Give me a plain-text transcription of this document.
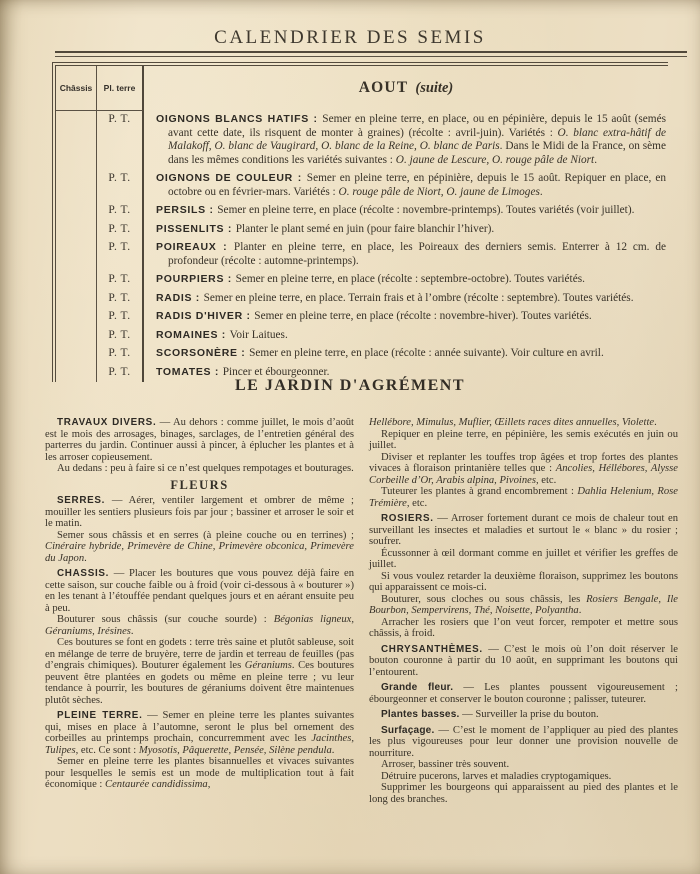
CALENDRIER DES SEMIS
Châssis Pl. terre	AOUT (suite)
P. T.	OIGNONS BLANCS HATIFS : Semer en pleine terre, en place, ou en pépinière, depuis le 15 août (semés avant cette date, ils risquent de monter à graines) (récolte : avril-juin). Variétés : O. blanc extra-hâtif de Malakoff, O. blanc de Vaugirard, O. blanc de la Reine, O. blanc de Paris. Dans le Midi de la France, on sème dans les mêmes conditions les variétés suivantes : O. jaune de Lescure, O. rouge pâle de Niort.

P. T.	OIGNONS DE COULEUR : Semer en pleine terre, en pépinière, depuis le 15 août. Repiquer en place, en octobre ou en février-mars. Variétés : O. rouge pâle de Niort, O. jaune de Limoges.

P. T.	PERSILS : Semer en pleine terre, en place (récolte : novembre-printemps). Toutes variétés (voir juillet).

P. T.	PISSENLITS : Planter le plant semé en juin (pour faire blanchir l’hiver).

P. T.	POIREAUX : Planter en pleine terre, en place, les Poireaux des derniers semis. Enterrer à 12 cm. de profondeur (récolte : automne-printemps).

P. T.	POURPIERS : Semer en pleine terre, en place (récolte : septembre-octobre). Toutes variétés.

P. T.	RADIS : Semer en pleine terre, en place. Terrain frais et à l’ombre (récolte : septembre). Toutes variétés.

P. T.	RADIS D'HIVER : Semer en pleine terre, en place (récolte : novembre-hiver). Toutes variétés.

P. T.	ROMAINES : Voir Laitues.

P. T.	SCORSONÈRE : Semer en pleine terre, en place (récolte : année suivante). Voir culture en avril.

P. T.	TOMATES : Pincer et ébourgeonner.

LE JARDIN D'AGRÉMENT

TRAVAUX DIVERS. — Au dehors : comme juillet, le mois d’août est le mois des arrosages, binages, sarclages, de l’entretien général des parterres du jardin. Continuer aussi à pincer, à éplucher les plantes et à les arroser copieusement.

Au dedans : peu à faire si ce n’est quelques rempotages et bouturages.

FLEURS

SERRES. — Aérer, ventiler largement et ombrer de même ; mouiller les sentiers plusieurs fois par jour ; bassiner et arroser le soir et le matin.

Semer sous châssis et en serres (à pleine couche ou en terrines) ; Cinéraire hybride, Primevère de Chine, Primevère obconica, Primevère du Japon.

CHASSIS. — Placer les boutures que vous pouvez déjà faire en cette saison, sur couche faible ou à froid (voir ci-dessous à « bouturer ») en les tenant à l’étouffée pendant quelques jours et en aérant ensuite peu à peu.

Bouturer sous châssis (sur couche sourde) : Bégonias ligneux, Géraniums, Irésines.

Ces boutures se font en godets : terre très saine et plutôt sableuse, soit en mélange de terre de bruyère, terre de jardin et terreau de feuilles (pas d’engrais chimiques). Bouturer également les Géraniums. Ces boutures peuvent être plantées en godets ou même en pleine terre ; vu leur tendance à pourrir, les boutures de géraniums doivent être maintenues plutôt sèches.

PLEINE TERRE. — Semer en pleine terre les plantes suivantes qui, mises en place à l’automne, seront le plus bel ornement des corbeilles au printemps prochain, concurremment avec les Jacinthes, Tulipes, etc. Ce sont : Myosotis, Pâquerette, Pensée, Silène pendula.

Semer en pleine terre les plantes bisannuelles et vivaces suivantes pour lesquelles le semis est un mode de multiplication tout à fait économique : Centaurée candidissima,

Hellébore, Mimulus, Muflier, Œillets races dites annuelles, Violette.

Repiquer en pleine terre, en pépinière, les semis exécutés en juin ou juillet.

Diviser et replanter les touffes trop âgées et trop fortes des plantes vivaces à floraison printanière telles que : Ancolies, Héllébores, Alysse Corbeille d’Or, Arabis alpina, Pivoines, etc.

Tuteurer les plantes à grand encombrement : Dahlia Helenium, Rose Trémière, etc.

ROSIERS. — Arroser fortement durant ce mois de chaleur tout en surveillant les insectes et maladies et surtout le « blanc » du rosier ; soufrer.

Écussonner à œil dormant comme en juillet et vérifier les greffes de juillet.

Si vous voulez retarder la deuxième floraison, supprimez les boutons qui apparaissent ce mois-ci.

Bouturer, sous cloches ou sous châssis, les Rosiers Bengale, Ile Bourbon, Sempervirens, Thé, Noisette, Polyantha.

Arracher les rosiers que l’on veut forcer, rempoter et mettre sous châssis, à froid.

CHRYSANTHÈMES. — C’est le mois où l’on doit réserver le bouton couronne à partir du 10 août, en supprimant les boutons qui l’entourent.

Grande fleur. — Les plantes poussent vigoureusement ; ébourgeonner et conserver le bouton couronne ; palisser, tuteurer.

Plantes basses. — Surveiller la prise du bouton.

Surfaçage. — C’est le moment de l’appliquer au pied des plantes les plus vigoureuses pour leur donner une provision nouvelle de nourriture.

Arroser, bassiner très souvent.

Détruire pucerons, larves et maladies cryptogamiques.

Supprimer les bourgeons qui apparaissent au pied des plantes et le long des branches.
